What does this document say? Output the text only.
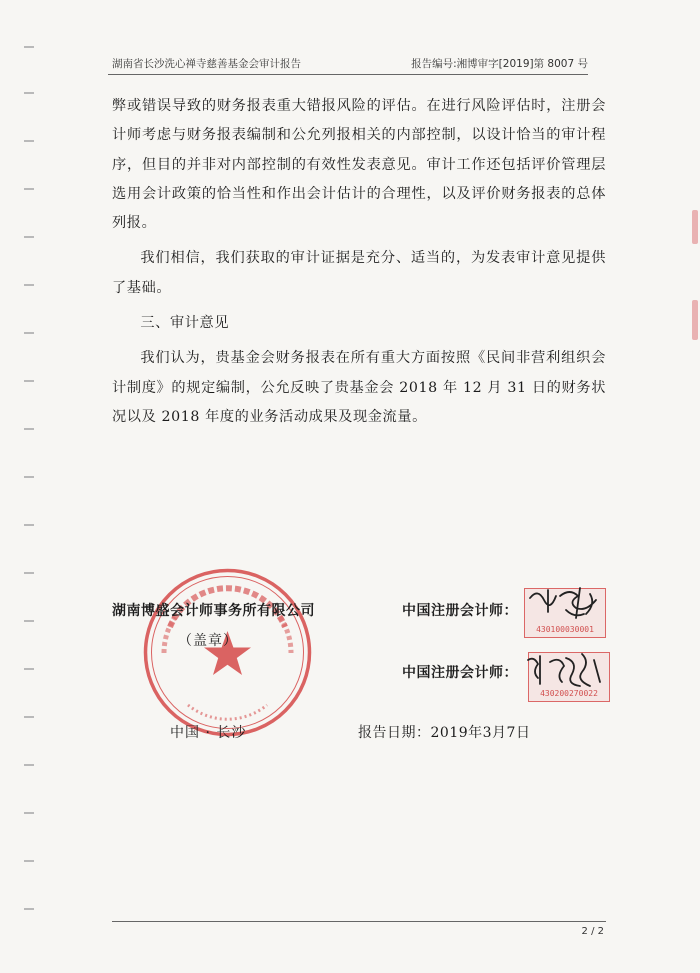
湖南省长沙洗心禅寺慈善基金会审计报告	报告编号:湘博审字[2019]第 8007 号

弊或错误导致的财务报表重大错报风险的评估。在进行风险评估时，注册会计师考虑与财务报表编制和公允列报相关的内部控制，以设计恰当的审计程序，但目的并非对内部控制的有效性发表意见。审计工作还包括评价管理层选用会计政策的恰当性和作出会计估计的合理性，以及评价财务报表的总体列报。

我们相信，我们获取的审计证据是充分、适当的，为发表审计意见提供了基础。

三、审计意见

我们认为，贵基金会财务报表在所有重大方面按照《民间非营利组织会计制度》的规定编制，公允反映了贵基金会 2018 年 12 月 31 日的财务状况以及 2018 年度的业务活动成果及现金流量。

湖南博盛会计师事务所有限公司
（盖章）
中国注册会计师：
中国注册会计师：
中国 · 长沙	报告日期：2019年3月7日
430100030001
430200270022
2 / 2
